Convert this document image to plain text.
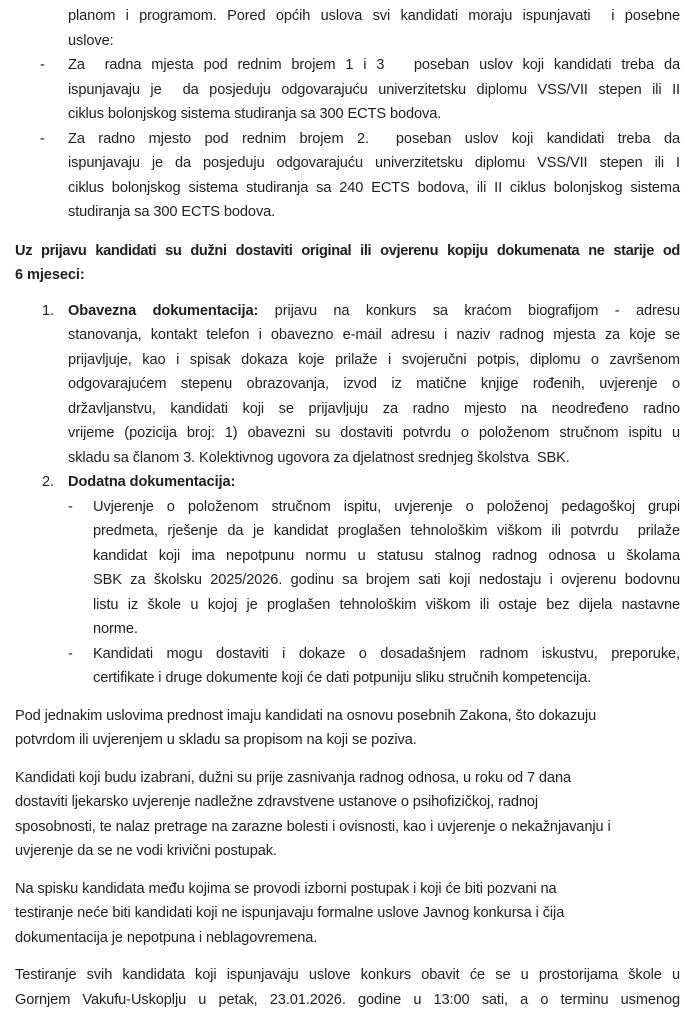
planom i programom. Pored općih uslova svi kandidati moraju ispunjavati  i posebne
uslove:
- Za  radna mjesta pod rednim brojem 1 i 3   poseban uslov koji kandidati treba da
ispunjavaju je  da posjeduju odgovarajuću univerzitetsku diplomu VSS/VII stepen ili II
ciklus bolonjskog sistema studiranja sa 300 ECTS bodova.
- Za radno mjesto pod rednim brojem 2.  poseban uslov koji kandidati treba da
ispunjavaju je da posjeduju odgovarajuću univerzitetsku diplomu VSS/VII stepen ili I
ciklus bolonjskog sistema studiranja sa 240 ECTS bodova, ili II ciklus bolonjskog sistema
studiranja sa 300 ECTS bodova.
Uz prijavu kandidati su dužni dostaviti original ili ovjerenu kopiju dokumenata ne starije od
6 mjeseci:
1. Obavezna dokumentacija: prijavu na konkurs sa kraćom biografijom - adresu
stanovanja, kontakt telefon i obavezno e-mail adresu i naziv radnog mjesta za koje se
prijavljuje, kao i spisak dokaza koje prilaže i svojeručni potpis, diplomu o završenom
odgovarajućem stepenu obrazovanja, izvod iz matične knjige rođenih, uvjerenje o
državljanstvu, kandidati koji se prijavljuju za radno mjesto na neodređeno radno
vrijeme (pozicija broj: 1) obavezni su dostaviti potvrdu o položenom stručnom ispitu u
skladu sa članom 3. Kolektivnog ugovora za djelatnost srednjeg školstva  SBK.
2. Dodatna dokumentacija:
- Uvjerenje o položenom stručnom ispitu, uvjerenje o položenoj pedagoškoj grupi
predmeta, rješenje da je kandidat proglašen tehnološkim viškom ili potvrdu  prilaže
kandidat koji ima nepotpunu normu u statusu stalnog radnog odnosa u školama
SBK za školsku 2025/2026. godinu sa brojem sati koji nedostaju i ovjerenu bodovnu
listu iz škole u kojoj je proglašen tehnološkim viškom ili ostaje bez dijela nastavne
norme.
- Kandidati mogu dostaviti i dokaze o dosadašnjem radnom iskustvu, preporuke,
certifikate i druge dokumente koji će dati potpuniju sliku stručnih kompetencija.
Pod jednakim uslovima prednost imaju kandidati na osnovu posebnih Zakona, što dokazuju
potvrdom ili uvjerenjem u skladu sa propisom na koji se poziva.
Kandidati koji budu izabrani, dužni su prije zasnivanja radnog odnosa, u roku od 7 dana
dostaviti ljekarsko uvjerenje nadležne zdravstvene ustanove o psihofizičkoj, radnoj
sposobnosti, te nalaz pretrage na zarazne bolesti i ovisnosti, kao i uvjerenje o nekažnjavanju i
uvjerenje da se ne vodi krivični postupak.
Na spisku kandidata među kojima se provodi izborni postupak i koji će biti pozvani na
testiranje neće biti kandidati koji ne ispunjavaju formalne uslove Javnog konkursa i čija
dokumentacija je nepotpuna i neblagovremena.
Testiranje svih kandidata koji ispunjavaju uslove konkurs obavit će se u prostorijama škole u
Gornjem Vakufu-Uskoplju u petak, 23.01.2026. godine u 13:00 sati, a o terminu usmenog
